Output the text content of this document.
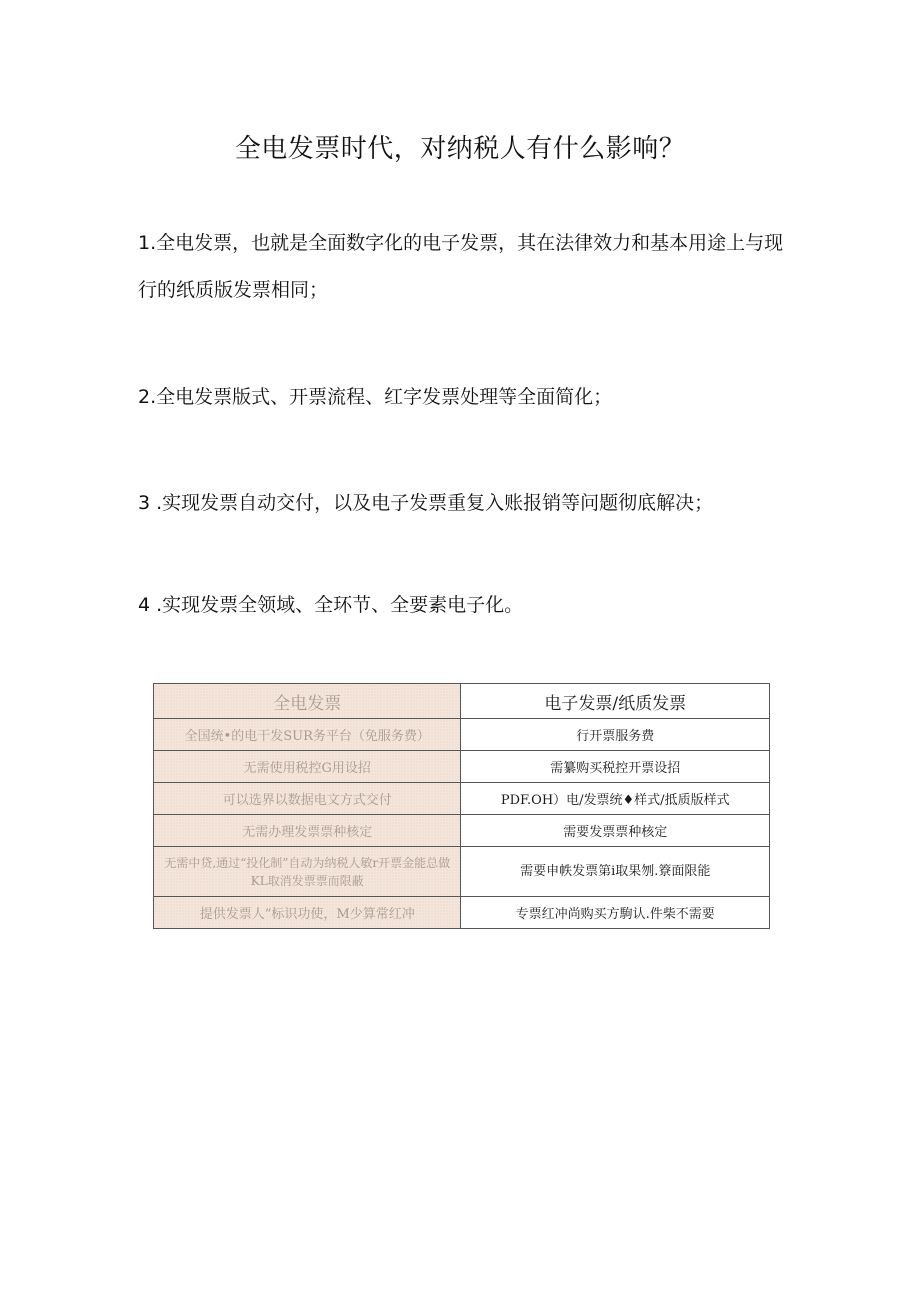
全电发票时代，对纳税人有什么影响？
1.全电发票，也就是全面数字化的电子发票，其在法律效力和基本用途上与现行的纸质版发票相同；
2.全电发票版式、开票流程、红字发票处理等全面简化；
3 .实现发票自动交付，以及电子发票重复入账报销等问题彻底解决；
4 .实现发票全领域、全环节、全要素电子化。
全电发票	电子发票/纸质发票
全国统•的电干发SUR务平台（免服务费）	行开票服务费
无需使用税控G用设招	需纂购买税控开票设招
可以选界以数据电文方式交付	PDF.OH）电/发票统♦样式/抵质版样式
无需办理发票票种核定	需要发票票种核定
无需中贷,通过“投化制”自动为纳税人敏r开票金能总做KL取消发票票而限蔽	需要申帙发票第i取果刎.簝面限能
提供发票人“标识功使，M少算常红冲	专票红冲尚购买方駒认.件柴不需要
